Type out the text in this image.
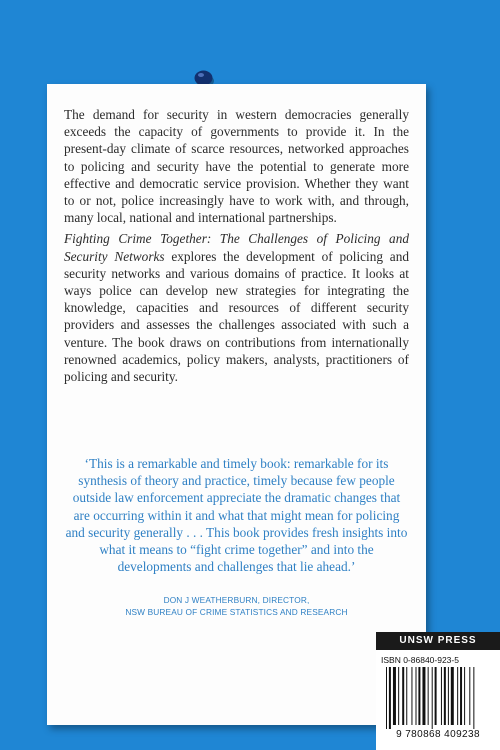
The demand for security in western democracies generally exceeds the capacity of governments to provide it. In the present-day climate of scarce resources, networked approaches to policing and security have the potential to generate more effective and democratic service provision. Whether they want to or not, police increasingly have to work with, and through, many local, national and international partnerships.
Fighting Crime Together: The Challenges of Policing and Security Networks explores the development of policing and security networks and various domains of practice. It looks at ways police can develop new strategies for integrating the knowledge, capacities and resources of different security providers and assesses the challenges associated with such a venture. The book draws on contributions from internationally renowned academics, policy makers, analysts, practitioners of policing and security.
‘This is a remarkable and timely book: remarkable for its synthesis of theory and practice, timely because few people outside law enforcement appreciate the dramatic changes that are occurring within it and what that might mean for policing and security generally . . . This book provides fresh insights into what it means to “fight crime together” and into the developments and challenges that lie ahead.’
DON J WEATHERBURN, DIRECTOR,
NSW BUREAU OF CRIME STATISTICS AND RESEARCH
UNSW PRESS
ISBN 0-86840-923-5
9 780868 409238
